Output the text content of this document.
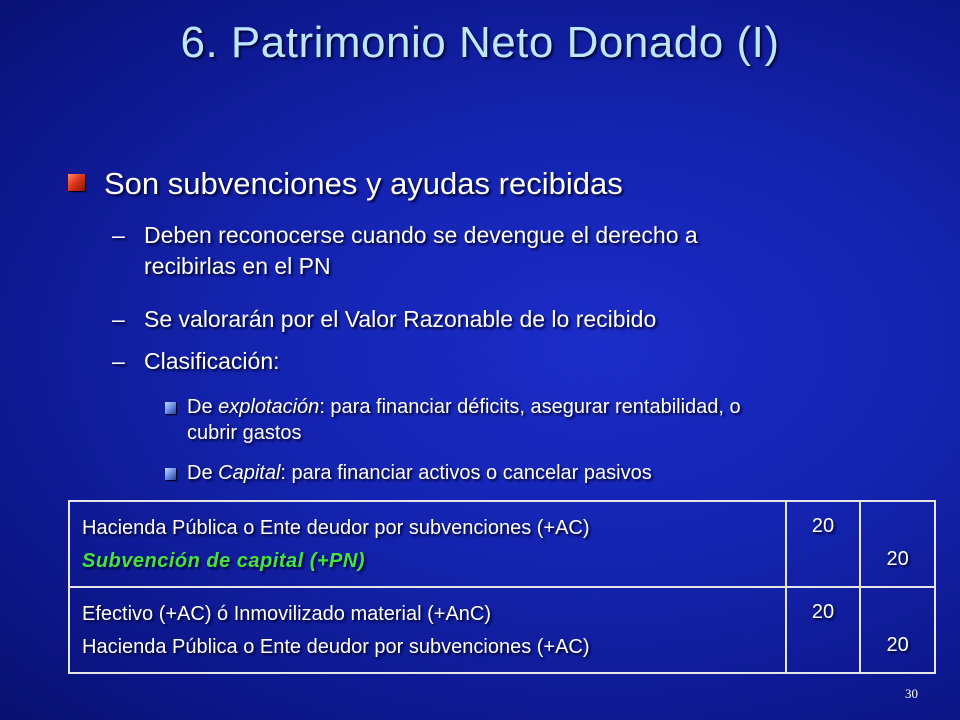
6. Patrimonio Neto Donado (I)
Son subvenciones y ayudas recibidas
– Deben reconocerse cuando se devengue el derecho a
recibirlas en el PN
– Se valorarán por el Valor Razonable de lo recibido
– Clasificación:
De explotación: para financiar déficits, asegurar rentabilidad, o
cubrir gastos
De Capital: para financiar activos o cancelar pasivos
Hacienda Pública o Ente deudor por subvenciones (+AC)
Subvención de capital (+PN)	20	20

Efectivo (+AC) ó Inmovilizado material (+AnC)
Hacienda Pública o Ente deudor por subvenciones (+AC)	20	20
30
